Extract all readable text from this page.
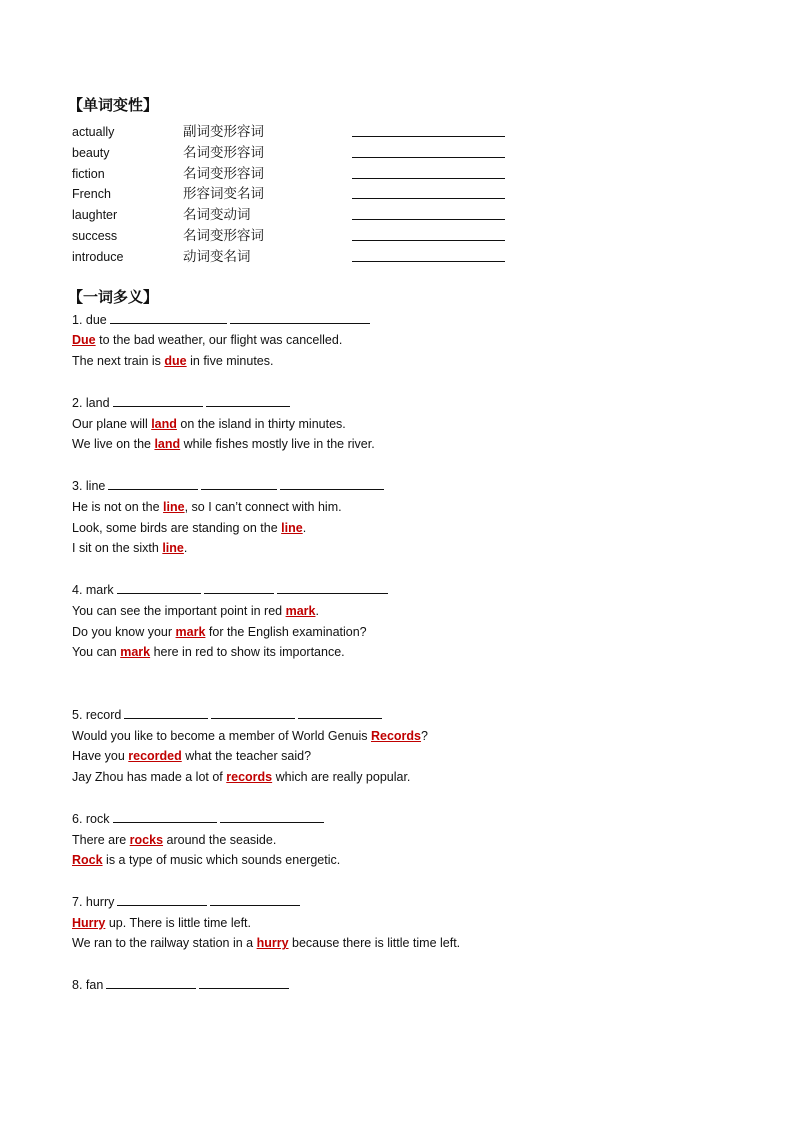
【单词变性】
actually	副词变形容词
beauty	名词变形容词
fiction	名词变形容词
French	形容词变名词
laughter	名词变动词
success	名词变形容词
introduce	动词变名词
【一词多义】
1. due
Due to the bad weather, our flight was cancelled.
The next train is due in five minutes.
2. land
Our plane will land on the island in thirty minutes.
We live on the land while fishes mostly live in the river.
3. line
He is not on the line, so I can’t connect with him.
Look, some birds are standing on the line.
I sit on the sixth line.
4. mark
You can see the important point in red mark.
Do you know your mark for the English examination?
You can mark here in red to show its importance.
5. record
Would you like to become a member of World Genuis Records?
Have you recorded what the teacher said?
Jay Zhou has made a lot of records which are really popular.
6. rock
There are rocks around the seaside.
Rock is a type of music which sounds energetic.
7. hurry
Hurry up. There is little time left.
We ran to the railway station in a hurry because there is little time left.
8. fan
